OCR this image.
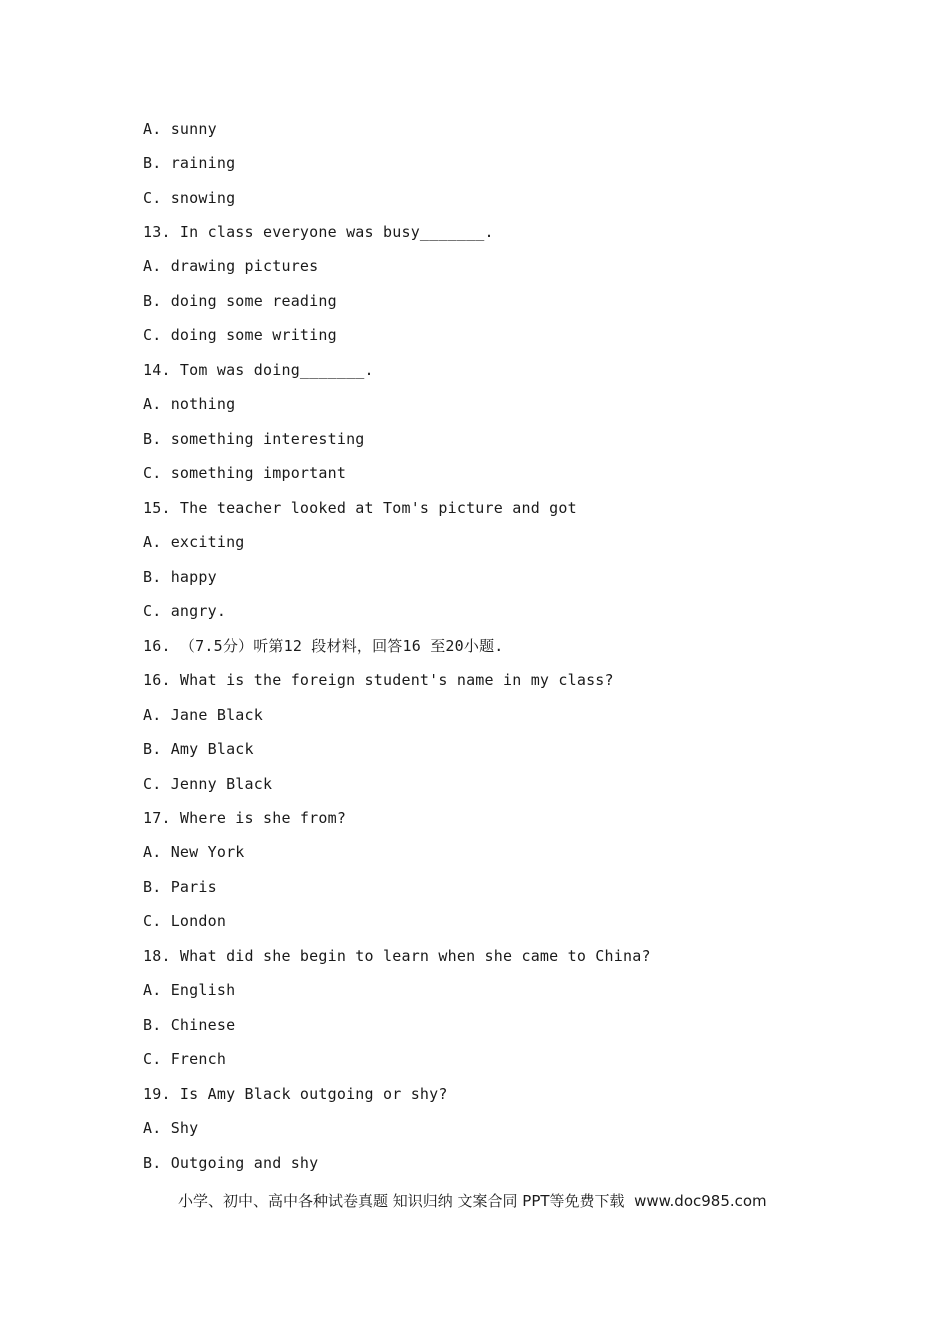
A. sunny
B. raining
C. snowing
13. In class everyone was busy_______.
A. drawing pictures
B. doing some reading
C. doing some writing
14. Tom was doing_______.
A. nothing
B. something interesting
C. something important
15. The teacher looked at Tom's picture and got
A. exciting
B. happy
C. angry.
16. （7.5分）听第12 段材料，回答16 至20小题.
16. What is the foreign student's name in my class?
A. Jane Black
B. Amy Black
C. Jenny Black
17. Where is she from?
A. New York
B. Paris
C. London
18. What did she begin to learn when she came to China?
A. English
B. Chinese
C. French
19. Is Amy Black outgoing or shy?
A. Shy
B. Outgoing and shy
小学、初中、高中各种试卷真题 知识归纳 文案合同 PPT等免费下载  www.doc985.com
